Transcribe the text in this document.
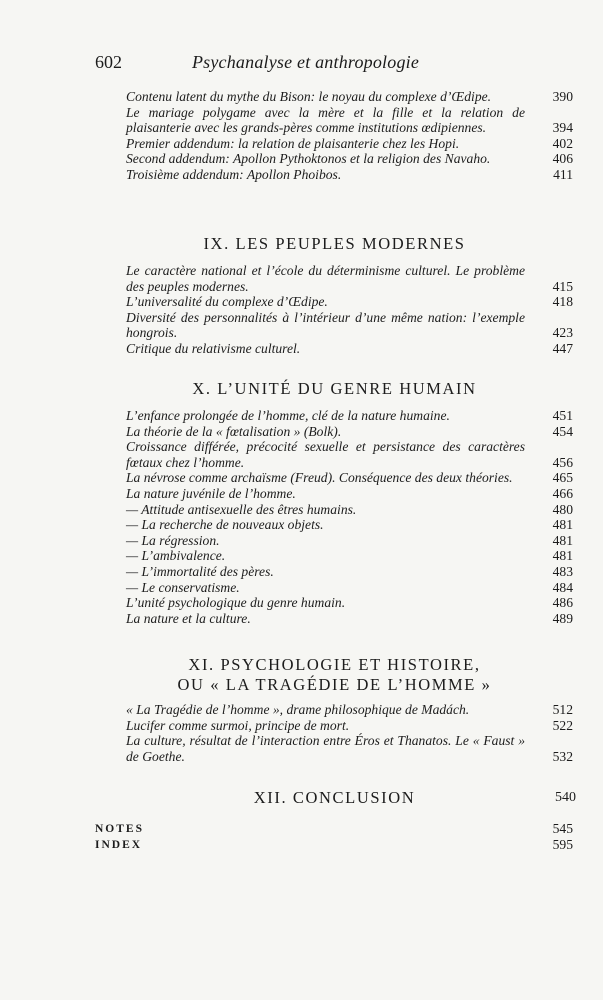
602	Psychanalyse et anthropologie
Contenu latent du mythe du Bison: le noyau du complexe d’Œdipe.	390
Le mariage polygame avec la mère et la fille et la relation de plaisanterie avec les grands-pères comme institutions œdipiennes.	394
Premier addendum: la relation de plaisanterie chez les Hopi.	402
Second addendum: Apollon Pythoktonos et la religion des Navaho.	406
Troisième addendum: Apollon Phoibos.	411
IX. LES PEUPLES MODERNES
Le caractère national et l’école du déterminisme culturel. Le problème des peuples modernes.	415
L’universalité du complexe d’Œdipe.	418
Diversité des personnalités à l’intérieur d’une même nation: l’exemple hongrois.	423
Critique du relativisme culturel.	447
X. L’UNITÉ DU GENRE HUMAIN
L’enfance prolongée de l’homme, clé de la nature humaine.	451
La théorie de la « fœtalisation » (Bolk).	454
Croissance différée, précocité sexuelle et persistance des caractères fœtaux chez l’homme.	456
La névrose comme archaïsme (Freud). Conséquence des deux théories.	465
La nature juvénile de l’homme.	466
— Attitude antisexuelle des êtres humains.	480
— La recherche de nouveaux objets.	481
— La régression.	481
— L’ambivalence.	481
— L’immortalité des pères.	483
— Le conservatisme.	484
L’unité psychologique du genre humain.	486
La nature et la culture.	489
XI. PSYCHOLOGIE ET HISTOIRE,
OU « LA TRAGÉDIE DE L’HOMME »
« La Tragédie de l’homme », drame philosophique de Madách.	512
Lucifer comme surmoi, principe de mort.	522
La culture, résultat de l’interaction entre Éros et Thanatos. Le « Faust » de Goethe.	532
XII. CONCLUSION	540
NOTES	545
INDEX	595
